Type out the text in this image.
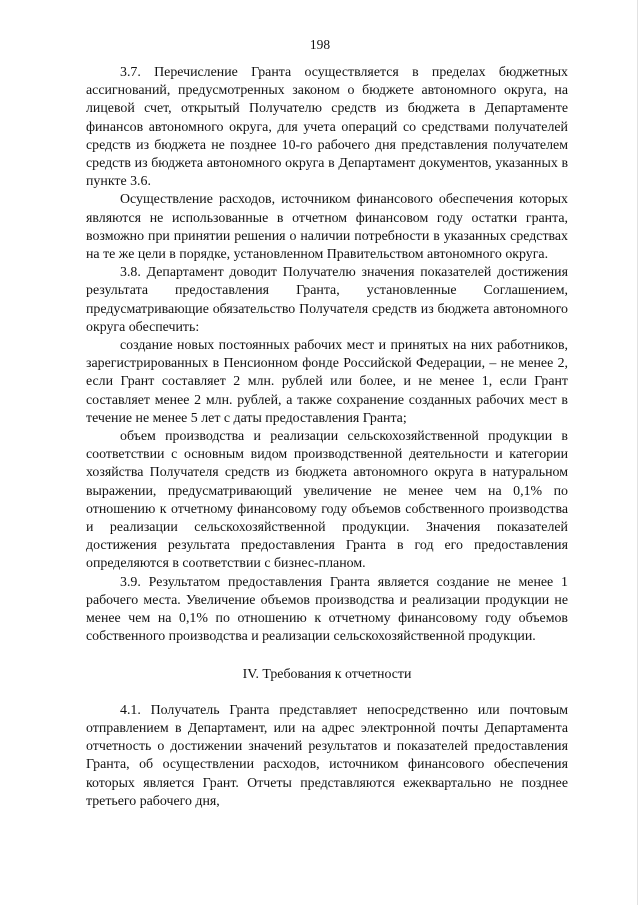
198

3.7. Перечисление Гранта осуществляется в пределах бюджетных ассигнований, предусмотренных законом о бюджете автономного округа, на лицевой счет, открытый Получателю средств из бюджета в Департаменте финансов автономного округа, для учета операций со средствами получателей средств из бюджета не позднее 10-го рабочего дня представления получателем средств из бюджета автономного округа в Департамент документов, указанных в пункте 3.6.

Осуществление расходов, источником финансового обеспечения которых являются не использованные в отчетном финансовом году остатки гранта, возможно при принятии решения о наличии потребности в указанных средствах на те же цели в порядке, установленном Правительством автономного округа.

3.8. Департамент доводит Получателю значения показателей достижения результата предоставления Гранта, установленные Соглашением, предусматривающие обязательство Получателя средств из бюджета автономного округа обеспечить:

создание новых постоянных рабочих мест и принятых на них работников, зарегистрированных в Пенсионном фонде Российской Федерации, – не менее 2, если Грант составляет 2 млн. рублей или более, и не менее 1, если Грант составляет менее 2 млн. рублей, а также сохранение созданных рабочих мест в течение не менее 5 лет с даты предоставления Гранта;

объем производства и реализации сельскохозяйственной продукции в соответствии с основным видом производственной деятельности и категории хозяйства Получателя средств из бюджета автономного округа в натуральном выражении, предусматривающий увеличение не менее чем на 0,1% по отношению к отчетному финансовому году объемов собственного производства и реализации сельскохозяйственной продукции. Значения показателей достижения результата предоставления Гранта в год его предоставления определяются в соответствии с бизнес-планом.

3.9. Результатом предоставления Гранта является создание не менее 1 рабочего места. Увеличение объемов производства и реализации продукции не менее чем на 0,1% по отношению к отчетному финансовому году объемов собственного производства и реализации сельскохозяйственной продукции.

IV. Требования к отчетности

4.1. Получатель Гранта представляет непосредственно или почтовым отправлением в Департамент, или на адрес электронной почты Департамента отчетность о достижении значений результатов и показателей предоставления Гранта, об осуществлении расходов, источником финансового обеспечения которых является Грант. Отчеты представляются ежеквартально не позднее третьего рабочего дня,
